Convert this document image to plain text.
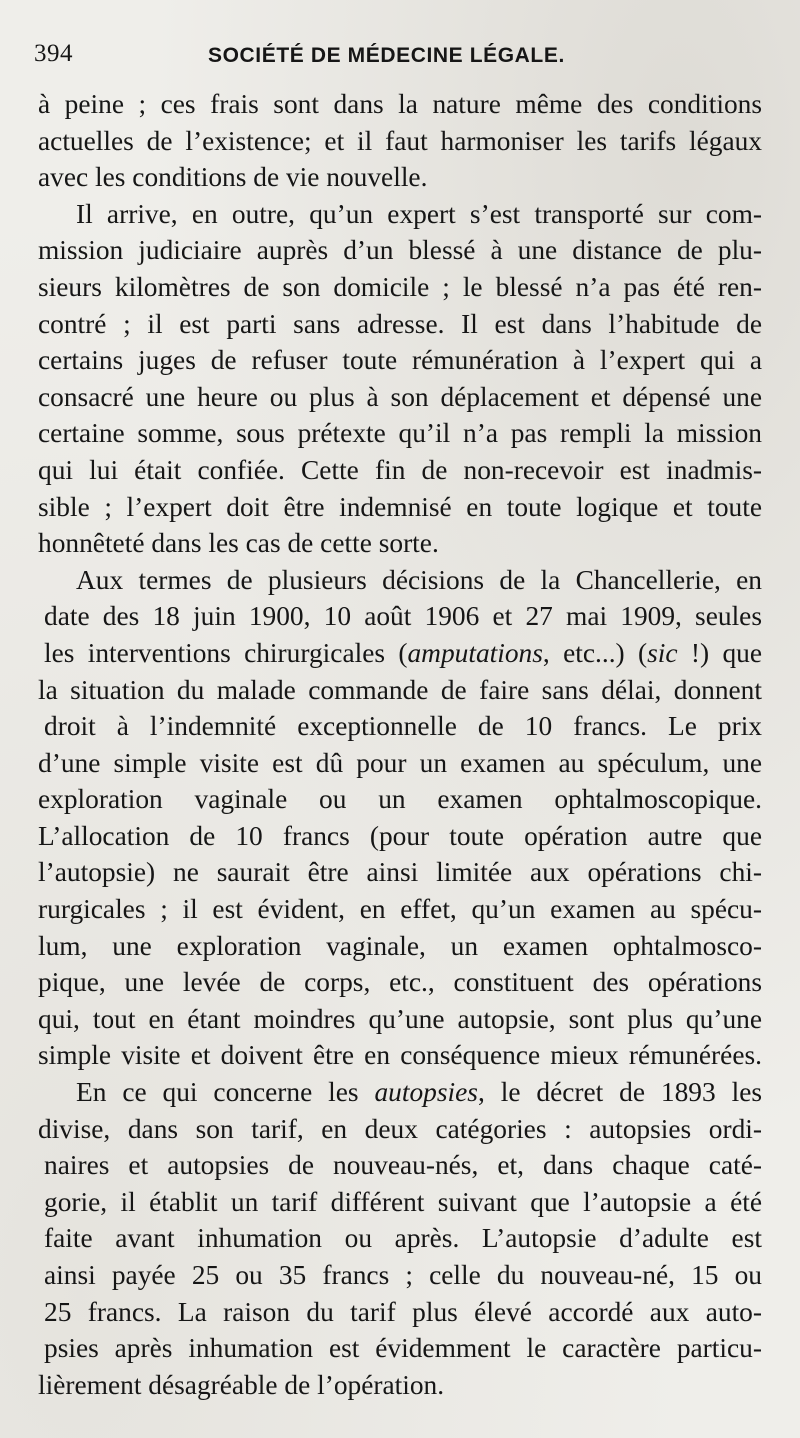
394	SOCIÉTÉ DE MÉDECINE LÉGALE.
à peine ; ces frais sont dans la nature même des conditions
actuelles de l’existence; et il faut harmoniser les tarifs légaux
avec les conditions de vie nouvelle.
Il arrive, en outre, qu’un expert s’est transporté sur com-
mission judiciaire auprès d’un blessé à une distance de plu-
sieurs kilomètres de son domicile ; le blessé n’a pas été ren-
contré ; il est parti sans adresse. Il est dans l’habitude de
certains juges de refuser toute rémunération à l’expert qui a
consacré une heure ou plus à son déplacement et dépensé une
certaine somme, sous prétexte qu’il n’a pas rempli la mission
qui lui était confiée. Cette fin de non-recevoir est inadmis-
sible ; l’expert doit être indemnisé en toute logique et toute
honnêteté dans les cas de cette sorte.
Aux termes de plusieurs décisions de la Chancellerie, en
date des 18 juin 1900, 10 août 1906 et 27 mai 1909, seules
les interventions chirurgicales (amputations, etc...) (sic !) que
la situation du malade commande de faire sans délai, donnent
droit à l’indemnité exceptionnelle de 10 francs. Le prix
d’une simple visite est dû pour un examen au spéculum, une
exploration vaginale ou un examen ophtalmoscopique.
L’allocation de 10 francs (pour toute opération autre que
l’autopsie) ne saurait être ainsi limitée aux opérations chi-
rurgicales ; il est évident, en effet, qu’un examen au spécu-
lum, une exploration vaginale, un examen ophtalmosco-
pique, une levée de corps, etc., constituent des opérations
qui, tout en étant moindres qu’une autopsie, sont plus qu’une
simple visite et doivent être en conséquence mieux rémunérées.
En ce qui concerne les autopsies, le décret de 1893 les
divise, dans son tarif, en deux catégories : autopsies ordi-
naires et autopsies de nouveau-nés, et, dans chaque caté-
gorie, il établit un tarif différent suivant que l’autopsie a été
faite avant inhumation ou après. L’autopsie d’adulte est
ainsi payée 25 ou 35 francs ; celle du nouveau-né, 15 ou
25 francs. La raison du tarif plus élevé accordé aux auto-
psies après inhumation est évidemment le caractère particu-
lièrement désagréable de l’opération.
